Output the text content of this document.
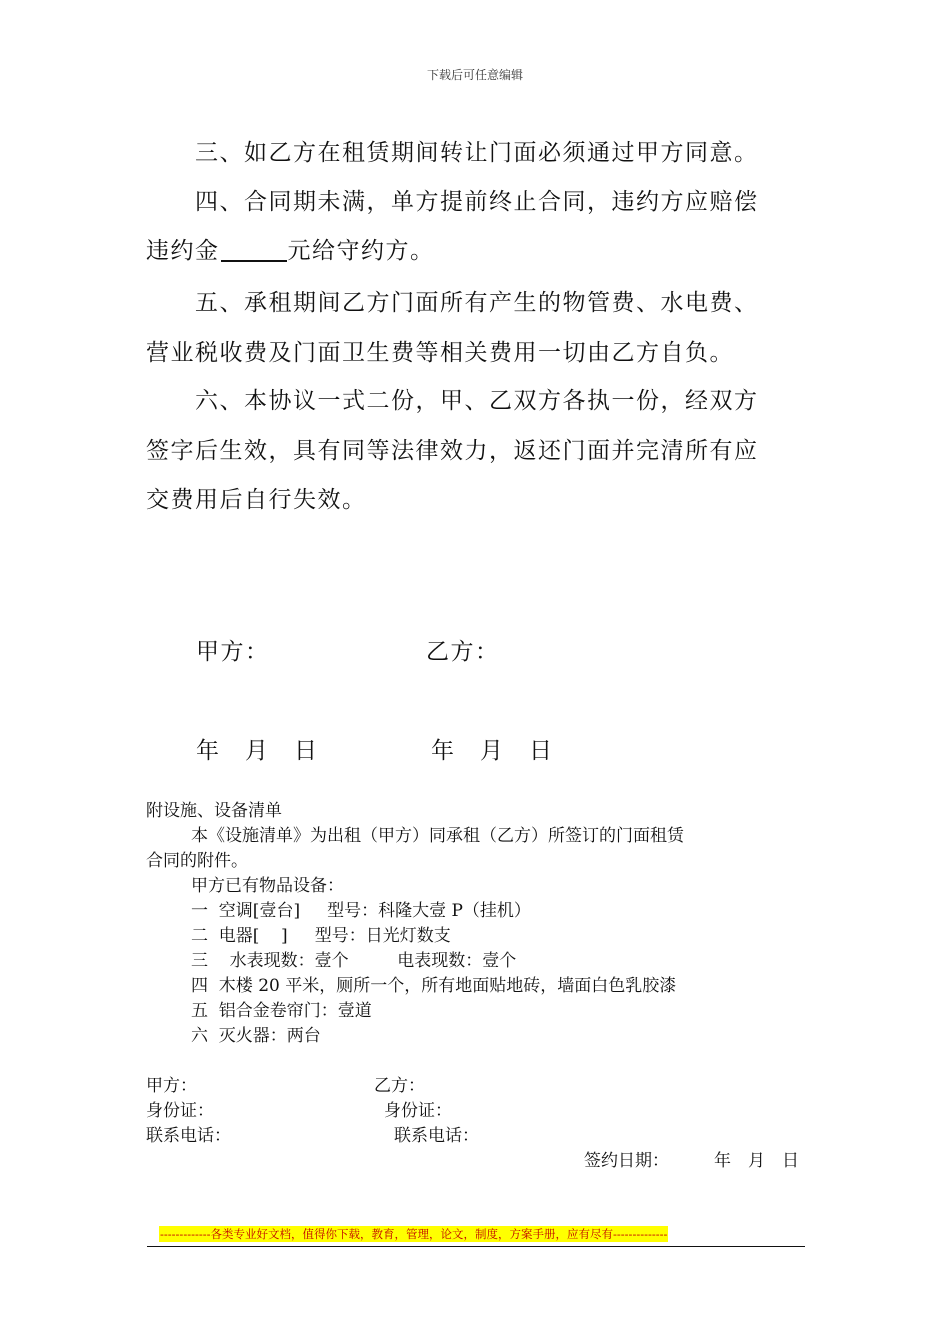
下载后可任意编辑
三、如乙方在租赁期间转让门面必须通过甲方同意。
四、合同期未满，单方提前终止合同，违约方应赔偿
违约金	元给守约方。
五、承租期间乙方门面所有产生的物管费、水电费、
营业税收费及门面卫生费等相关费用一切由乙方自负。
六、本协议一式二份，甲、乙双方各执一份，经双方
签字后生效，具有同等法律效力，返还门面并完清所有应
交费用后自行失效。
甲方：	乙方：
年　月　日	年　月　日
附设施、设备清单
本《设施清单》为出租（甲方）同承租（乙方）所签订的门面租赁
合同的附件。
甲方已有物品设备：
一  空调[壹台]     型号：科隆大壹 P（挂机）
二  电器[    ]     型号：日光灯数支
三    水表现数：壹个         电表现数：壹个
四  木楼 20 平米，厕所一个，所有地面贴地砖，墙面白色乳胶漆
五  铝合金卷帘门：壹道
六  灭火器：两台
甲方：	乙方：
身份证：	身份证：
联系电话：	联系电话：
签约日期：	年　月　日
-------------各类专业好文档，值得你下载，教育，管理，论文，制度，方案手册，应有尽有--------------
